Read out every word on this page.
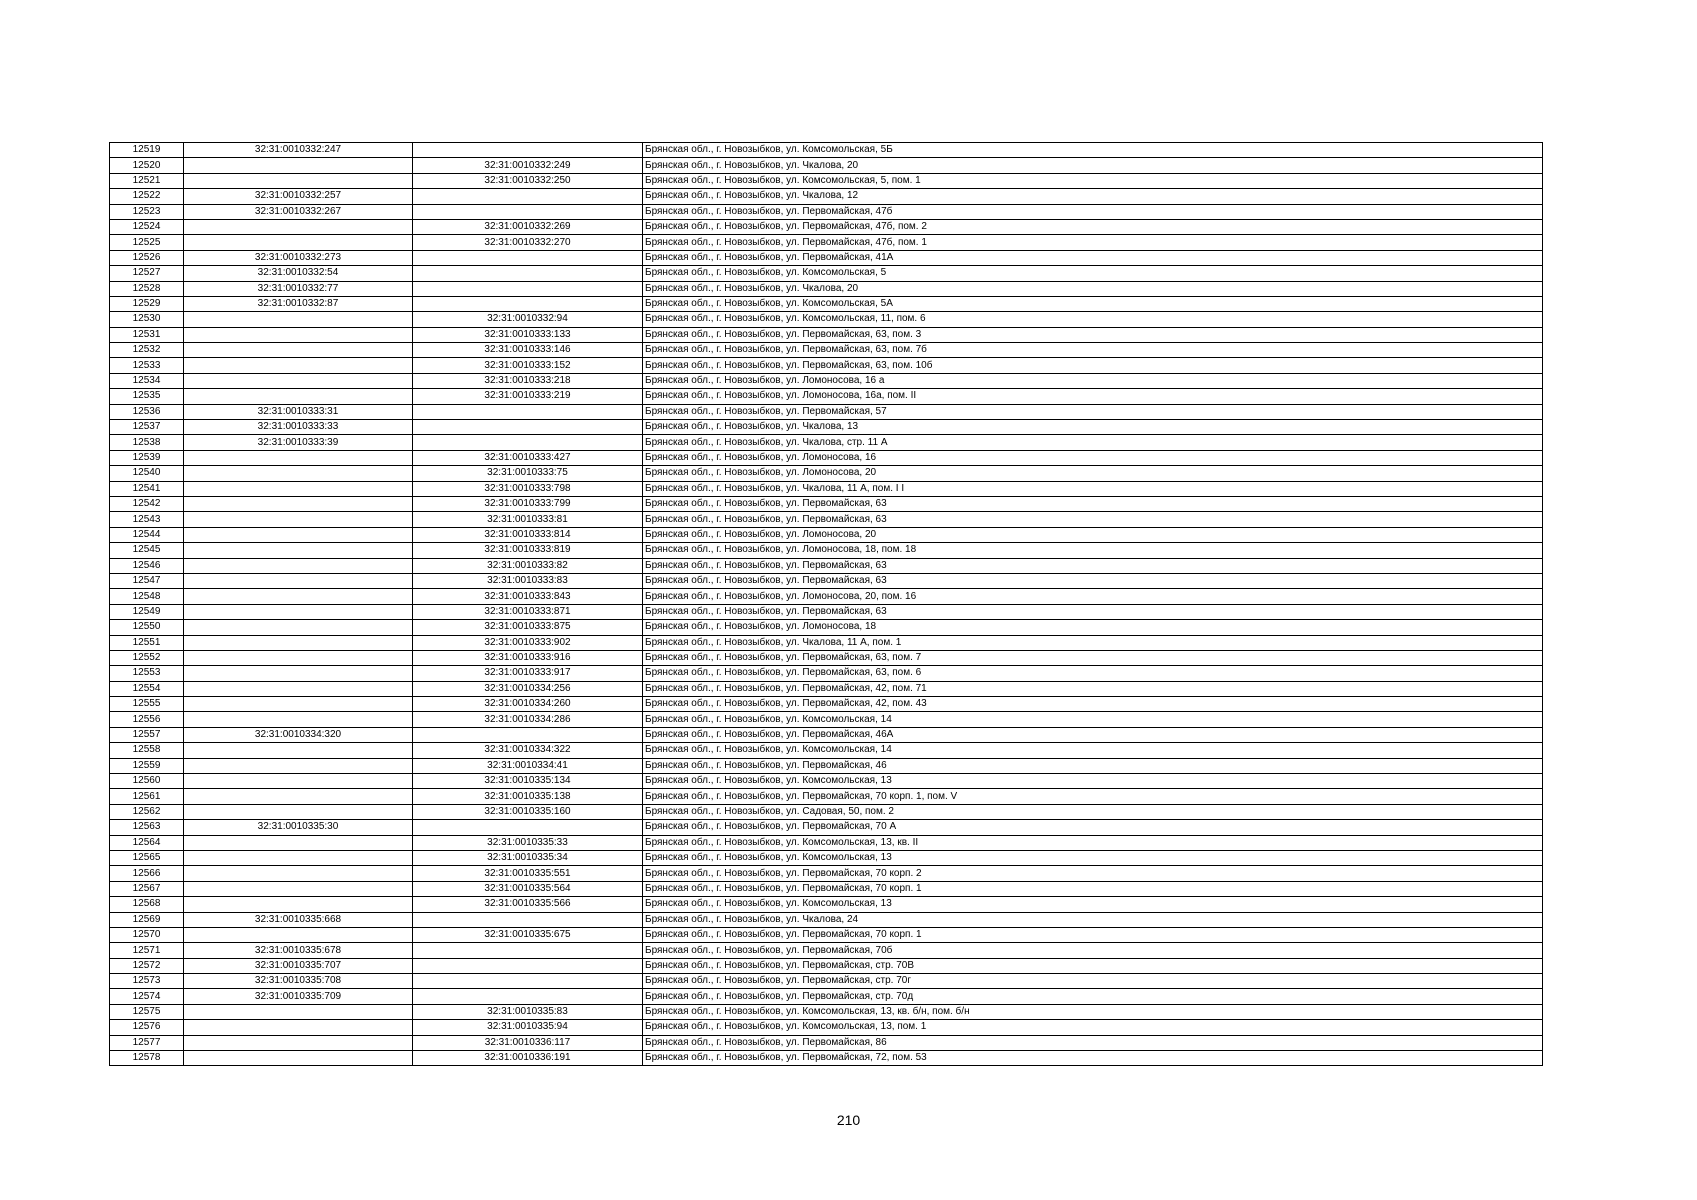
12519	32:31:0010332:247		Брянская обл., г. Новозыбков, ул. Комсомольская, 5Б
12520		32:31:0010332:249	Брянская обл., г. Новозыбков, ул. Чкалова, 20
12521		32:31:0010332:250	Брянская обл., г. Новозыбков, ул. Комсомольская, 5, пом. 1
12522	32:31:0010332:257		Брянская обл., г. Новозыбков, ул. Чкалова, 12
12523	32:31:0010332:267		Брянская обл., г. Новозыбков, ул. Первомайская, 47б
12524		32:31:0010332:269	Брянская обл., г. Новозыбков, ул. Первомайская, 47б, пом. 2
12525		32:31:0010332:270	Брянская обл., г. Новозыбков, ул. Первомайская, 47б, пом. 1
12526	32:31:0010332:273		Брянская обл., г. Новозыбков, ул. Первомайская, 41А
12527	32:31:0010332:54		Брянская обл., г. Новозыбков, ул. Комсомольская, 5
12528	32:31:0010332:77		Брянская обл., г. Новозыбков, ул. Чкалова, 20
12529	32:31:0010332:87		Брянская обл., г. Новозыбков, ул. Комсомольская, 5А
12530		32:31:0010332:94	Брянская обл., г. Новозыбков, ул. Комсомольская, 11, пом. 6
12531		32:31:0010333:133	Брянская обл., г. Новозыбков, ул. Первомайская, 63, пом. 3
12532		32:31:0010333:146	Брянская обл., г. Новозыбков, ул. Первомайская, 63, пом. 7б
12533		32:31:0010333:152	Брянская обл., г. Новозыбков, ул. Первомайская, 63, пом. 10б
12534		32:31:0010333:218	Брянская обл., г. Новозыбков, ул. Ломоносова, 16 а
12535		32:31:0010333:219	Брянская обл., г. Новозыбков, ул. Ломоносова, 16а, пом. II
12536	32:31:0010333:31		Брянская обл., г. Новозыбков, ул. Первомайская, 57
12537	32:31:0010333:33		Брянская обл., г. Новозыбков, ул. Чкалова, 13
12538	32:31:0010333:39		Брянская обл., г. Новозыбков, ул. Чкалова, стр. 11 А
12539		32:31:0010333:427	Брянская обл., г. Новозыбков, ул. Ломоносова, 16
12540		32:31:0010333:75	Брянская обл., г. Новозыбков, ул. Ломоносова, 20
12541		32:31:0010333:798	Брянская обл., г. Новозыбков, ул. Чкалова, 11 А, пом. I I
12542		32:31:0010333:799	Брянская обл., г. Новозыбков, ул. Первомайская, 63
12543		32:31:0010333:81	Брянская обл., г. Новозыбков, ул. Первомайская, 63
12544		32:31:0010333:814	Брянская обл., г. Новозыбков, ул. Ломоносова, 20
12545		32:31:0010333:819	Брянская обл., г. Новозыбков, ул. Ломоносова, 18, пом. 18
12546		32:31:0010333:82	Брянская обл., г. Новозыбков, ул. Первомайская, 63
12547		32:31:0010333:83	Брянская обл., г. Новозыбков, ул. Первомайская, 63
12548		32:31:0010333:843	Брянская обл., г. Новозыбков, ул. Ломоносова, 20, пом. 16
12549		32:31:0010333:871	Брянская обл., г. Новозыбков, ул. Первомайская, 63
12550		32:31:0010333:875	Брянская обл., г. Новозыбков, ул. Ломоносова, 18
12551		32:31:0010333:902	Брянская обл., г. Новозыбков, ул. Чкалова, 11 А, пом. 1
12552		32:31:0010333:916	Брянская обл., г. Новозыбков, ул. Первомайская, 63, пом. 7
12553		32:31:0010333:917	Брянская обл., г. Новозыбков, ул. Первомайская, 63, пом. 6
12554		32:31:0010334:256	Брянская обл., г. Новозыбков, ул. Первомайская, 42, пом. 71
12555		32:31:0010334:260	Брянская обл., г. Новозыбков, ул. Первомайская, 42, пом. 43
12556		32:31:0010334:286	Брянская обл., г. Новозыбков, ул. Комсомольская, 14
12557	32:31:0010334:320		Брянская обл., г. Новозыбков, ул. Первомайская, 46А
12558		32:31:0010334:322	Брянская обл., г. Новозыбков, ул. Комсомольская, 14
12559		32:31:0010334:41	Брянская обл., г. Новозыбков, ул. Первомайская, 46
12560		32:31:0010335:134	Брянская обл., г. Новозыбков, ул. Комсомольская, 13
12561		32:31:0010335:138	Брянская обл., г. Новозыбков, ул. Первомайская, 70 корп. 1, пом. V
12562		32:31:0010335:160	Брянская обл., г. Новозыбков, ул. Садовая, 50, пом. 2
12563	32:31:0010335:30		Брянская обл., г. Новозыбков, ул. Первомайская, 70 А
12564		32:31:0010335:33	Брянская обл., г. Новозыбков, ул. Комсомольская, 13, кв. II
12565		32:31:0010335:34	Брянская обл., г. Новозыбков, ул. Комсомольская, 13
12566		32:31:0010335:551	Брянская обл., г. Новозыбков, ул. Первомайская, 70 корп. 2
12567		32:31:0010335:564	Брянская обл., г. Новозыбков, ул. Первомайская, 70 корп. 1
12568		32:31:0010335:566	Брянская обл., г. Новозыбков, ул. Комсомольская, 13
12569	32:31:0010335:668		Брянская обл., г. Новозыбков, ул. Чкалова, 24
12570		32:31:0010335:675	Брянская обл., г. Новозыбков, ул. Первомайская, 70 корп. 1
12571	32:31:0010335:678		Брянская обл., г. Новозыбков, ул. Первомайская, 70б
12572	32:31:0010335:707		Брянская обл., г. Новозыбков, ул. Первомайская, стр. 70В
12573	32:31:0010335:708		Брянская обл., г. Новозыбков, ул. Первомайская, стр. 70г
12574	32:31:0010335:709		Брянская обл., г. Новозыбков, ул. Первомайская, стр. 70д
12575		32:31:0010335:83	Брянская обл., г. Новозыбков, ул. Комсомольская, 13, кв. б/н, пом. б/н
12576		32:31:0010335:94	Брянская обл., г. Новозыбков, ул. Комсомольская, 13, пом. 1
12577		32:31:0010336:117	Брянская обл., г. Новозыбков, ул. Первомайская, 86
12578		32:31:0010336:191	Брянская обл., г. Новозыбков, ул. Первомайская, 72, пом. 53
210
